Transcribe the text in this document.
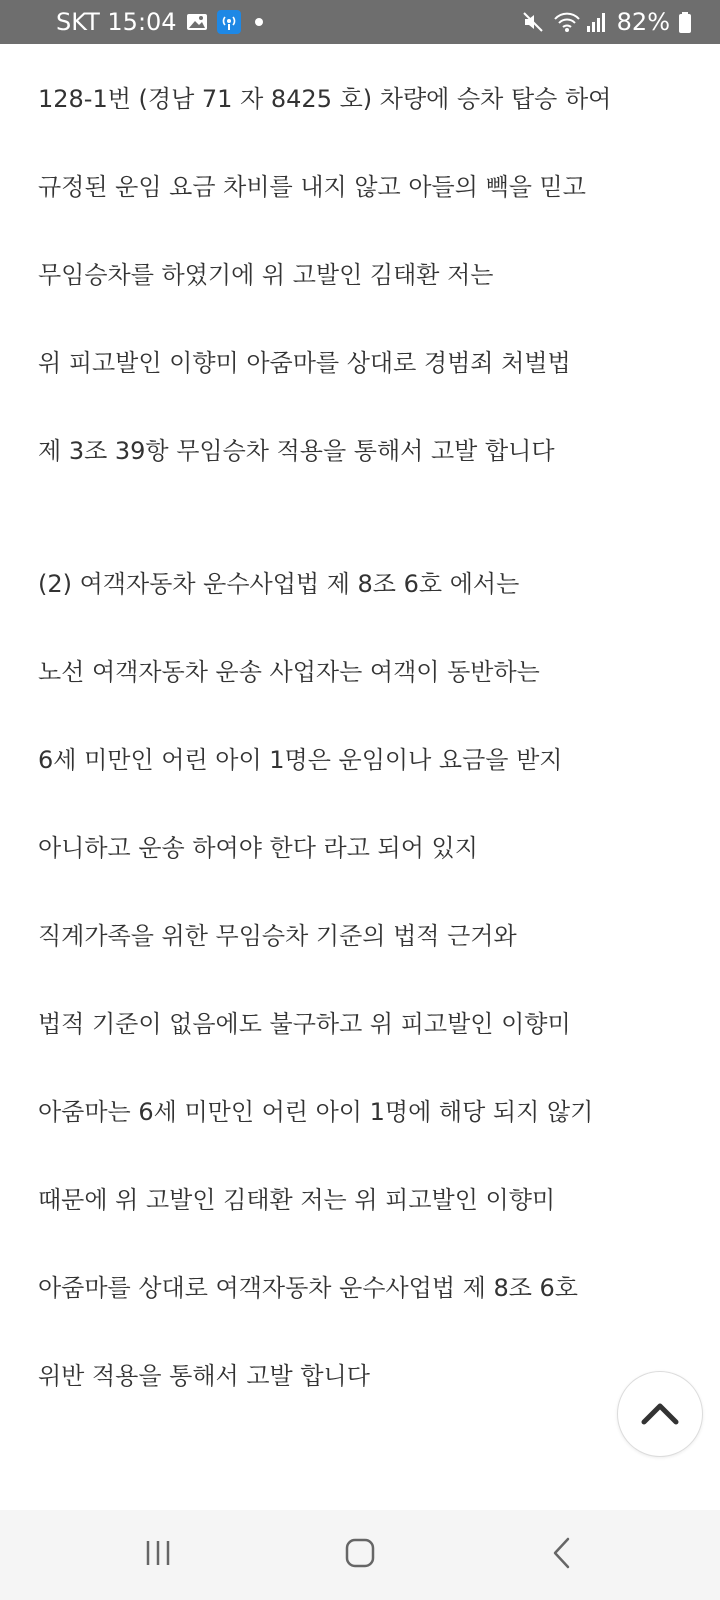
SKT 15:04	82%
128-1번 (경남 71 자 8425 호) 차량에 승차 탑승 하여
규정된 운임 요금 차비를 내지 않고 아들의 빽을 믿고
무임승차를 하였기에 위 고발인 김태환 저는
위 피고발인 이향미 아줌마를 상대로 경범죄 처벌법
제 3조 39항 무임승차 적용을 통해서 고발 합니다
(2) 여객자동차 운수사업법 제 8조 6호 에서는
노선 여객자동차 운송 사업자는 여객이 동반하는
6세 미만인 어린 아이 1명은 운임이나 요금을 받지
아니하고 운송 하여야 한다 라고 되어 있지
직계가족을 위한 무임승차 기준의 법적 근거와
법적 기준이 없음에도 불구하고 위 피고발인 이향미
아줌마는 6세 미만인 어린 아이 1명에 해당 되지 않기
때문에 위 고발인 김태환 저는 위 피고발인 이향미
아줌마를 상대로 여객자동차 운수사업법 제 8조 6호
위반 적용을 통해서 고발 합니다
